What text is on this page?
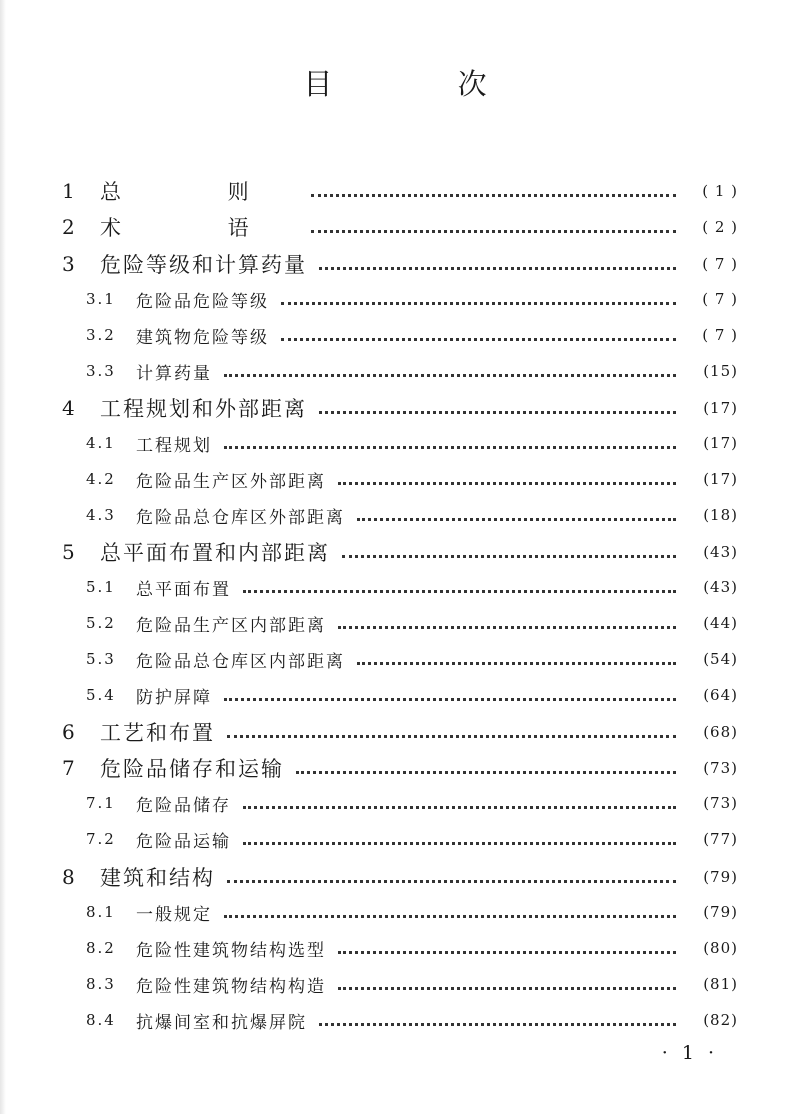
目 次
1	总 则	( 1 )
2	术 语	( 2 )
3	危险等级和计算药量	( 7 )
3.1	危险品危险等级	( 7 )
3.2	建筑物危险等级	( 7 )
3.3	计算药量	(15)
4	工程规划和外部距离	(17)
4.1	工程规划	(17)
4.2	危险品生产区外部距离	(17)
4.3	危险品总仓库区外部距离	(18)
5	总平面布置和内部距离	(43)
5.1	总平面布置	(43)
5.2	危险品生产区内部距离	(44)
5.3	危险品总仓库区内部距离	(54)
5.4	防护屏障	(64)
6	工艺和布置	(68)
7	危险品储存和运输	(73)
7.1	危险品储存	(73)
7.2	危险品运输	(77)
8	建筑和结构	(79)
8.1	一般规定	(79)
8.2	危险性建筑物结构选型	(80)
8.3	危险性建筑物结构构造	(81)
8.4	抗爆间室和抗爆屏院	(82)
· 1 ·
